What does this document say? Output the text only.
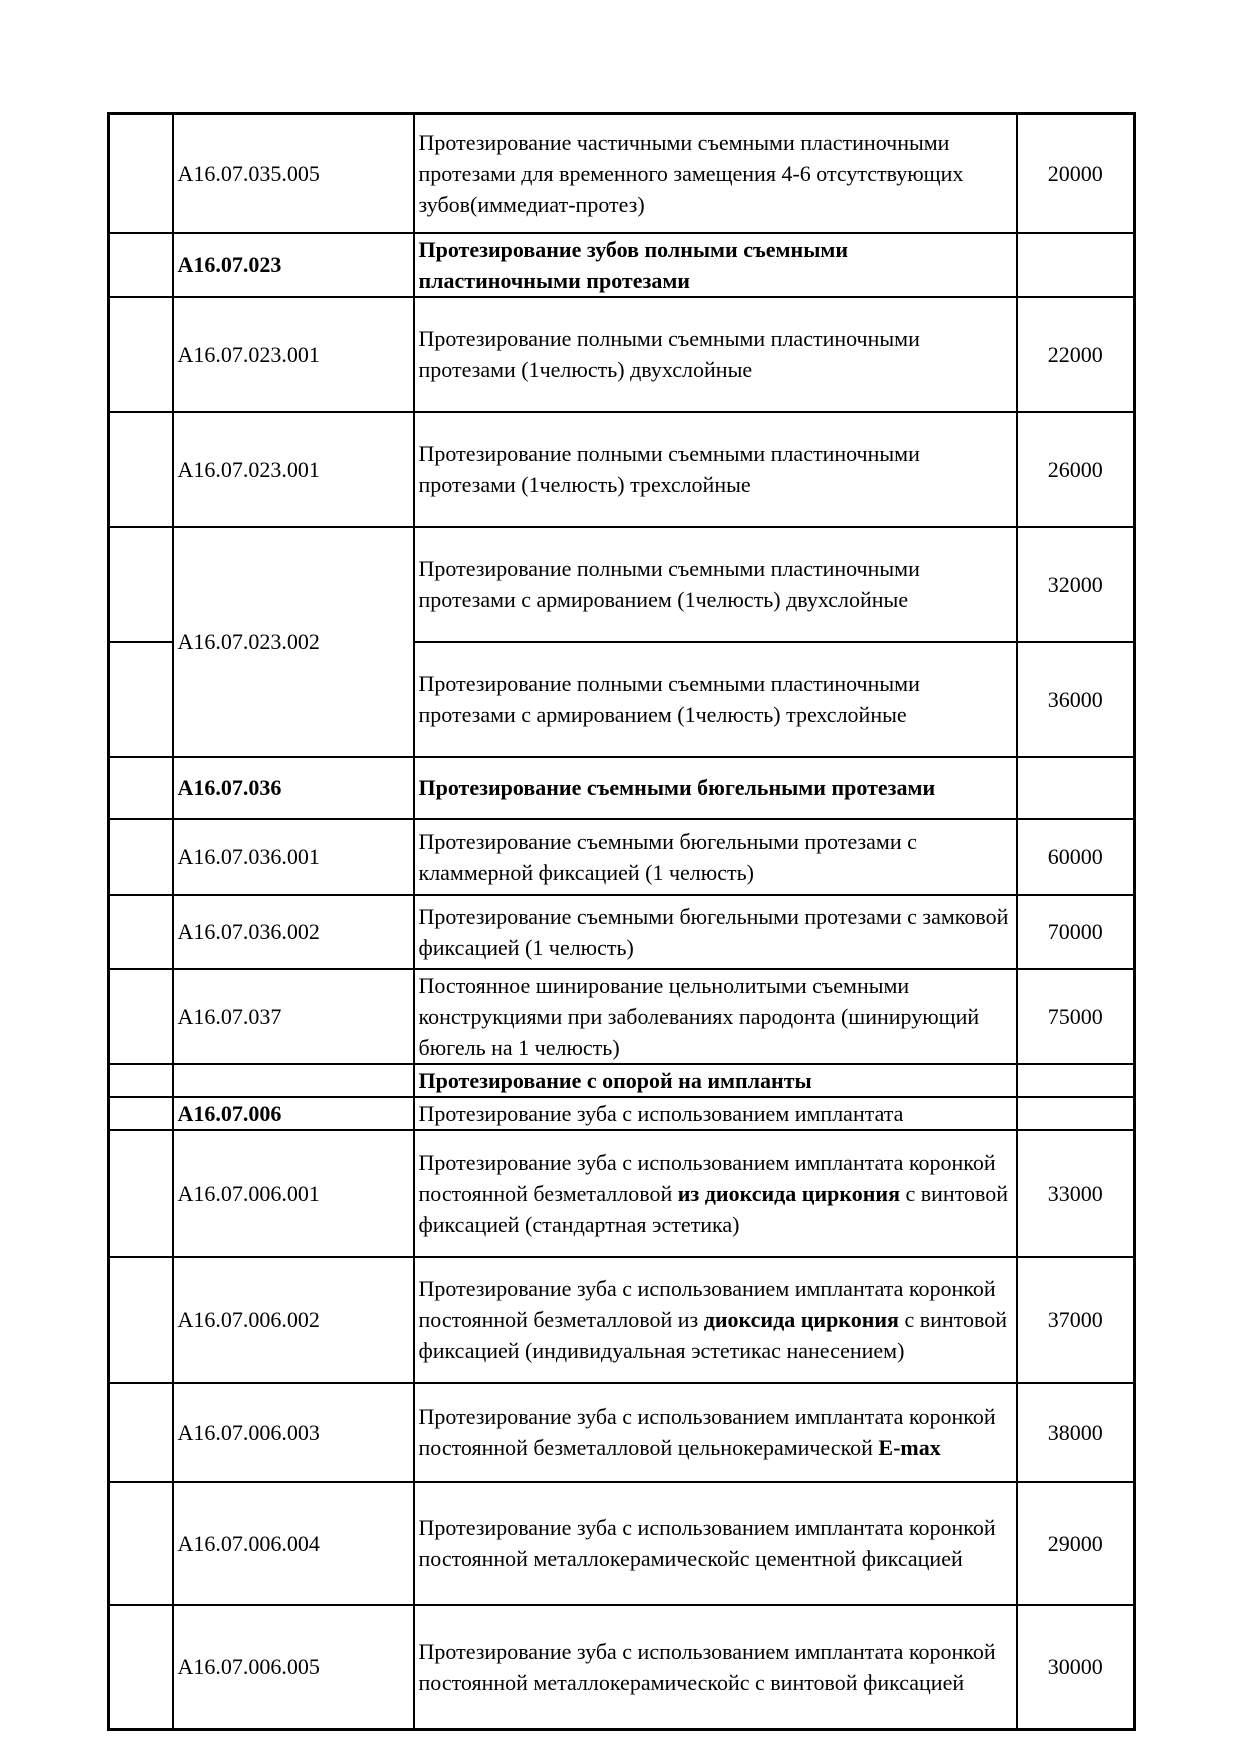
	A16.07.035.005	Протезирование частичными съемными пластиночными протезами для временного замещения 4-6 отсутствующих зубов(иммедиат-протез)	20000
	A16.07.023	Протезирование зубов полными съемными пластиночными протезами	
	A16.07.023.001	Протезирование полными съемными пластиночными протезами (1челюсть) двухслойные	22000
	A16.07.023.001	Протезирование полными съемными пластиночными протезами (1челюсть) трехслойные	26000
	A16.07.023.002	Протезирование полными съемными пластиночными протезами с армированием (1челюсть) двухслойные	32000
		Протезирование полными съемными пластиночными протезами с армированием (1челюсть) трехслойные	36000
	A16.07.036	Протезирование съемными бюгельными протезами	
	A16.07.036.001	Протезирование съемными бюгельными протезами с кламмерной фиксацией (1 челюсть)	60000
	A16.07.036.002	Протезирование съемными бюгельными протезами с замковой фиксацией (1 челюсть)	70000
	A16.07.037	Постоянное шинирование цельнолитыми съемными конструкциями при заболеваниях пародонта (шинирующий бюгель на 1 челюсть)	75000
		Протезирование с опорой на импланты	
	A16.07.006	Протезирование зуба с использованием имплантата	
	A16.07.006.001	Протезирование зуба с использованием имплантата коронкой постоянной безметалловой из диоксида циркония с винтовой фиксацией (стандартная эстетика)	33000
	A16.07.006.002	Протезирование зуба с использованием имплантата коронкой постоянной безметалловой из диоксида циркония с винтовой фиксацией (индивидуальная эстетикас нанесением)	37000
	A16.07.006.003	Протезирование зуба с использованием имплантата коронкой постоянной безметалловой цельнокерамической E-max	38000
	A16.07.006.004	Протезирование зуба с использованием имплантата коронкой постоянной металлокерамическойс цементной фиксацией	29000
	A16.07.006.005	Протезирование зуба с использованием имплантата коронкой постоянной металлокерамическойс с винтовой фиксацией	30000
